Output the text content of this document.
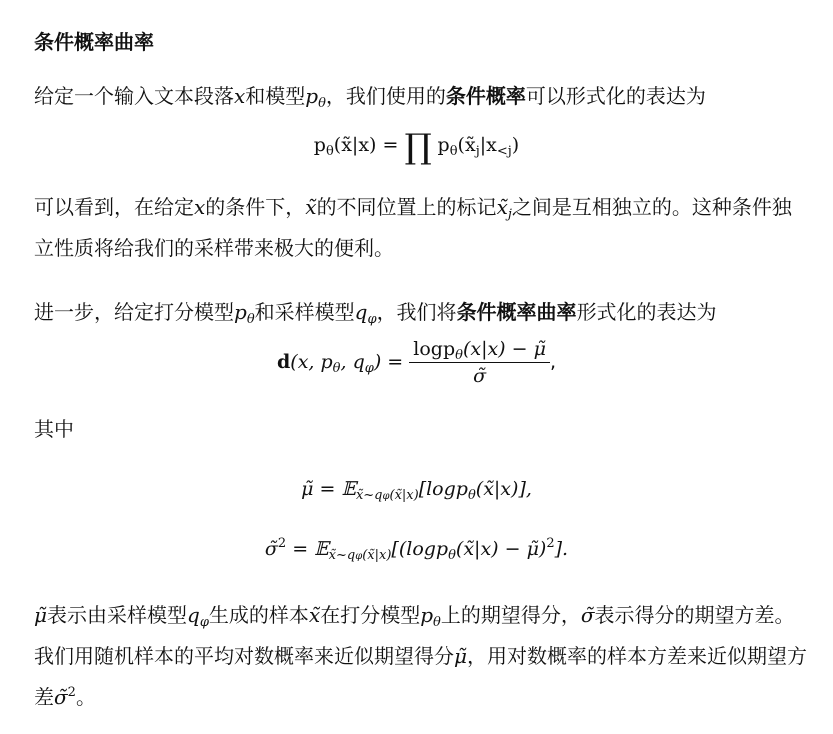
条件概率曲率
给定一个输入文本段落x和模型$p_\theta$，我们使用的条件概率可以形式化的表达为
$p_\theta(x̃|x)$ = ∏ $p_\theta(x̃_j|x_{<j})$
可以看到，在给定x的条件下，x̃的不同位置上的标记$x̃_j$之间是互相独立的。这种条件独立性质将给我们的采样带来极大的便利。
进一步，给定打分模型$p_\theta$和采样模型$q_\varphi$，我们将条件概率曲率形式化的表达为
d(x, $p_\theta$, $q_\varphi) = \frac{\log p_\theta(x|x) - \mũ}{\sigmã}$ ,
其中
μ̃ = 𝔼$_{x̃\sim q\varphi(x̃|x)}$[logp$_\theta$(x̃|x)],
σ̃$^2$ = 𝔼$_{x̃\sim q\varphi(x̃|x)}$[(logp$_\theta$(x̃|x) − μ̃)$^2$].
μ̃表示由采样模型$q_\varphi$生成的样本x̃在打分模型$p_\theta$上的期望得分，σ̃表示得分的期望方差。我们用随机样本的平均对数概率来近似期望得分μ̃，用对数概率的样本方差来近似期望方差σ̃$^2$。
